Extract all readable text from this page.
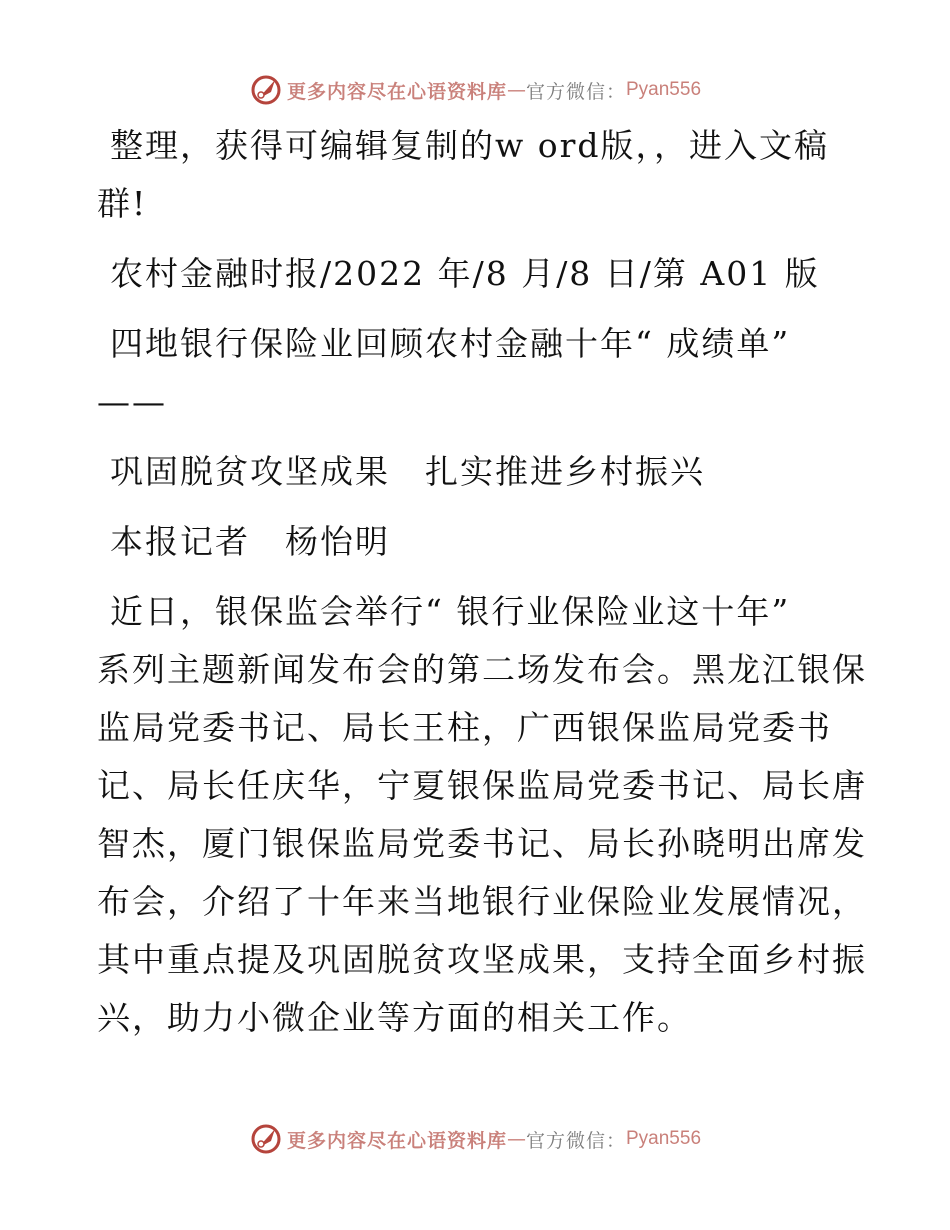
更多内容尽在心语资料库 — 官方微信： Pyan556

整理，获得可编辑复制的w ord版，，进入文稿群!

农村金融时报/2022 年/8 月/8 日/第 A01 版

四地银行保险业回顾农村金融十年“ 成绩单”

——

巩固脱贫攻坚成果　扎实推进乡村振兴

本报记者　杨怡明

近日，银保监会举行“ 银行业保险业这十年”

系列主题新闻发布会的第二场发布会。黑龙江银保监局党委书记、局长王柱，广西银保监局党委书记、局长任庆华，宁夏银保监局党委书记、局长唐智杰，厦门银保监局党委书记、局长孙晓明出席发布会，介绍了十年来当地银行业保险业发展情况，其中重点提及巩固脱贫攻坚成果，支持全面乡村振兴，助力小微企业等方面的相关工作。

更多内容尽在心语资料库 — 官方微信： Pyan556
